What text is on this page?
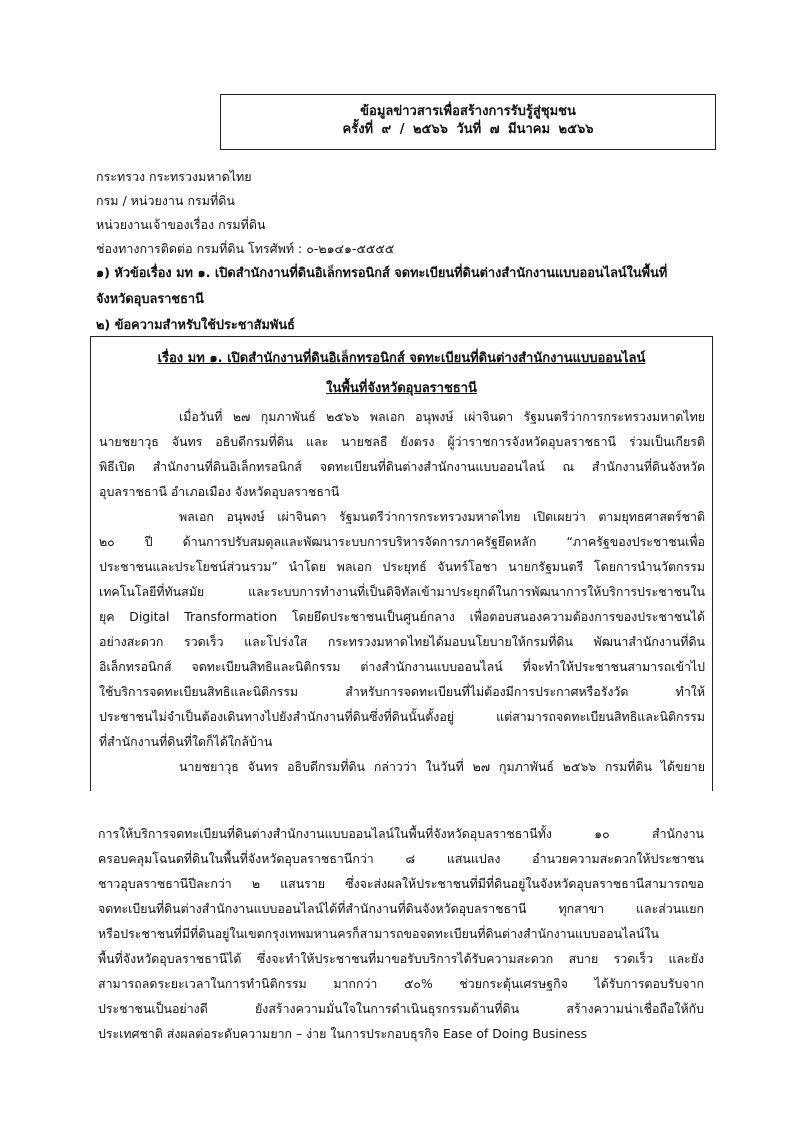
ข้อมูลข่าวสารเพื่อสร้างการรับรู้สู่ชุมชน
ครั้งที่ ๙ / ๒๕๖๖ วันที่ ๗ มีนาคม ๒๕๖๖
กระทรวง กระทรวงมหาดไทย
กรม / หน่วยงาน กรมที่ดิน
หน่วยงานเจ้าของเรื่อง กรมที่ดิน
ช่องทางการติดต่อ กรมที่ดิน โทรศัพท์ : ๐-๒๑๔๑-๕๕๕๕
๑) หัวข้อเรื่อง มท ๑. เปิดสำนักงานที่ดินอิเล็กทรอนิกส์ จดทะเบียนที่ดินต่างสำนักงานแบบออนไลน์ในพื้นที่
จังหวัดอุบลราชธานี
๒) ข้อความสำหรับใช้ประชาสัมพันธ์
เรื่อง มท ๑. เปิดสำนักงานที่ดินอิเล็กทรอนิกส์ จดทะเบียนที่ดินต่างสำนักงานแบบออนไลน์
ในพื้นที่จังหวัดอุบลราชธานี
เมื่อวันที่ ๒๗ กุมภาพันธ์ ๒๕๖๖ พลเอก อนุพงษ์ เผ่าจินดา รัฐมนตรีว่าการกระทรวงมหาดไทย
นายชยาวุธ จันทร อธิบดีกรมที่ดิน และ นายชลธี ยังตรง ผู้ว่าราชการจังหวัดอุบลราชธานี ร่วมเป็นเกียรติ
พิธีเปิด สำนักงานที่ดินอิเล็กทรอนิกส์ จดทะเบียนที่ดินต่างสำนักงานแบบออนไลน์ ณ สำนักงานที่ดินจังหวัด
อุบลราชธานี อำเภอเมือง จังหวัดอุบลราชธานี
พลเอก อนุพงษ์ เผ่าจินดา รัฐมนตรีว่าการกระทรวงมหาดไทย เปิดเผยว่า ตามยุทธศาสตร์ชาติ
๒๐ ปี ด้านการปรับสมดุลและพัฒนาระบบการบริหารจัดการภาครัฐยึดหลัก “ภาครัฐของประชาชนเพื่อ
ประชาชนและประโยชน์ส่วนรวม” นำโดย พลเอก ประยุทธ์ จันทร์โอชา นายกรัฐมนตรี โดยการนำนวัตกรรม
เทคโนโลยีที่ทันสมัย และระบบการทำงานที่เป็นดิจิทัลเข้ามาประยุกต์ในการพัฒนาการให้บริการประชาชนใน
ยุค Digital Transformation โดยยึดประชาชนเป็นศูนย์กลาง เพื่อตอบสนองความต้องการของประชาชนได้
อย่างสะดวก รวดเร็ว และโปร่งใส กระทรวงมหาดไทยได้มอบนโยบายให้กรมที่ดิน พัฒนาสำนักงานที่ดิน
อิเล็กทรอนิกส์ จดทะเบียนสิทธิและนิติกรรม ต่างสำนักงานแบบออนไลน์ ที่จะทำให้ประชาชนสามารถเข้าไป
ใช้บริการจดทะเบียนสิทธิและนิติกรรม สำหรับการจดทะเบียนที่ไม่ต้องมีการประกาศหรือรังวัด ทำให้
ประชาชนไม่จำเป็นต้องเดินทางไปยังสำนักงานที่ดินซึ่งที่ดินนั้นตั้งอยู่ แต่สามารถจดทะเบียนสิทธิและนิติกรรม
ที่สำนักงานที่ดินที่ใดก็ได้ใกล้บ้าน
นายชยาวุธ จันทร อธิบดีกรมที่ดิน กล่าวว่า ในวันที่ ๒๗ กุมภาพันธ์ ๒๕๖๖ กรมที่ดิน ได้ขยาย
การให้บริการจดทะเบียนที่ดินต่างสำนักงานแบบออนไลน์ในพื้นที่จังหวัดอุบลราชธานีทั้ง ๑๐ สำนักงาน
ครอบคลุมโฉนดที่ดินในพื้นที่จังหวัดอุบลราชธานีกว่า ๘ แสนแปลง อำนวยความสะดวกให้ประชาชน
ชาวอุบลราชธานีปีละกว่า ๒ แสนราย ซึ่งจะส่งผลให้ประชาชนที่มีที่ดินอยู่ในจังหวัดอุบลราชธานีสามารถขอ
จดทะเบียนที่ดินต่างสำนักงานแบบออนไลน์ได้ที่สำนักงานที่ดินจังหวัดอุบลราชธานี ทุกสาขา และส่วนแยก
หรือประชาชนที่มีที่ดินอยู่ในเขตกรุงเทพมหานครก็สามารถขอจดทะเบียนที่ดินต่างสำนักงานแบบออนไลน์ใน
พื้นที่จังหวัดอุบลราชธานีได้ ซึ่งจะทำให้ประชาชนที่มาขอรับบริการได้รับความสะดวก สบาย รวดเร็ว และยัง
สามารถลดระยะเวลาในการทำนิติกรรม มากกว่า ๕๐% ช่วยกระตุ้นเศรษฐกิจ ได้รับการตอบรับจาก
ประชาชนเป็นอย่างดี ยังสร้างความมั่นใจในการดำเนินธุรกรรมด้านที่ดิน สร้างความน่าเชื่อถือให้กับ
ประเทศชาติ ส่งผลต่อระดับความยาก – ง่าย ในการประกอบธุรกิจ Ease of Doing Business
